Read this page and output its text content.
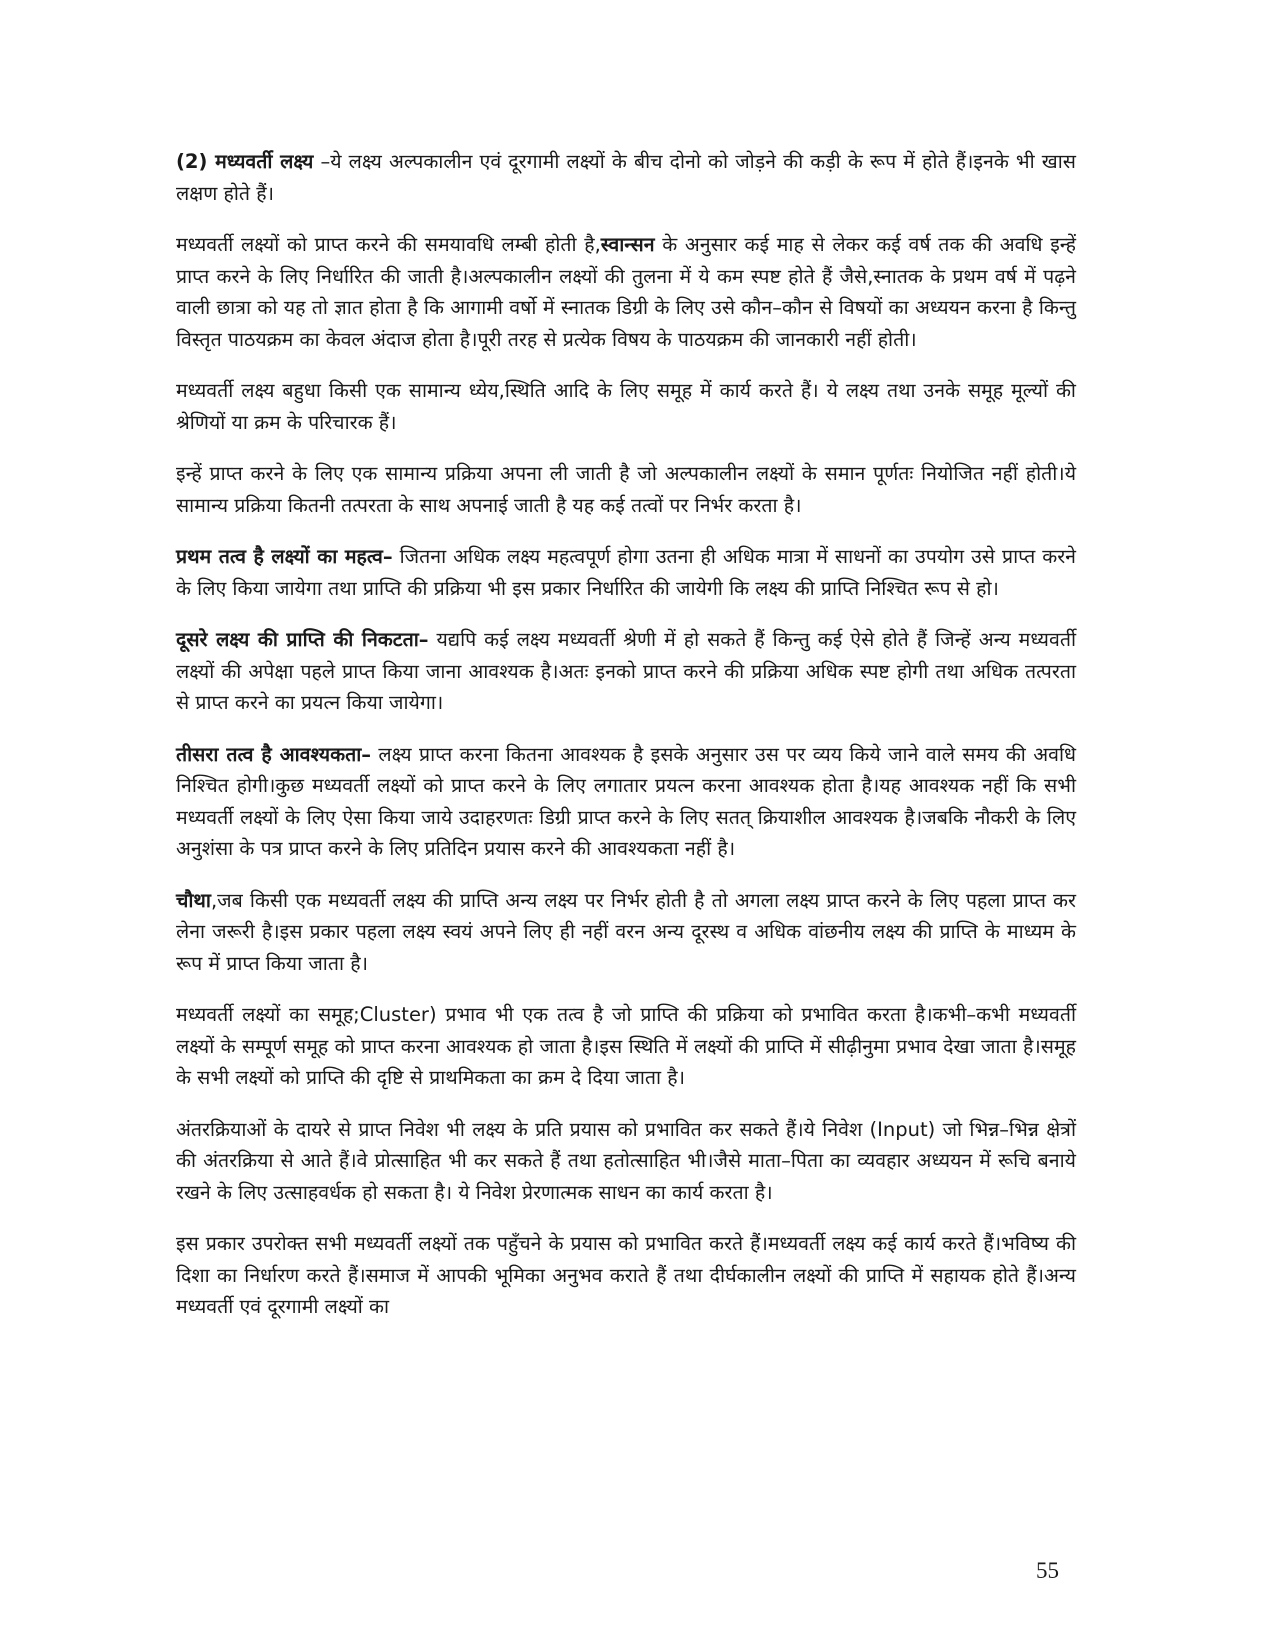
(2) मध्यवर्ती लक्ष्य –ये लक्ष्य अल्पकालीन एवं दूरगामी लक्ष्यों के बीच दोनो को जोड़ने की कड़ी के रूप में होते हैं।इनके भी खास लक्षण होते हैं।

मध्यवर्ती लक्ष्यों को प्राप्त करने की समयावधि लम्बी होती है,स्वान्सन के अनुसार कई माह से लेकर कई वर्ष तक की अवधि इन्हें प्राप्त करने के लिए निर्धारित की जाती है।अल्पकालीन लक्ष्यों की तुलना में ये कम स्पष्ट होते हैं जैसे,स्नातक के प्रथम वर्ष में पढ़ने वाली छात्रा को यह तो ज्ञात होता है कि आगामी वर्षो में स्नातक डिग्री के लिए उसे कौन–कौन से विषयों का अध्ययन करना है किन्तु विस्तृत पाठयक्रम का केवल अंदाज होता है।पूरी तरह से प्रत्येक विषय के पाठयक्रम की जानकारी नहीं होती।

मध्यवर्ती लक्ष्य बहुधा किसी एक सामान्य ध्येय,स्थिति आदि के लिए समूह में कार्य करते हैं। ये लक्ष्य तथा उनके समूह मूल्यों की श्रेणियों या क्रम के परिचारक हैं।

इन्हें प्राप्त करने के लिए एक सामान्य प्रक्रिया अपना ली जाती है जो अल्पकालीन लक्ष्यों के समान पूर्णतः नियोजित नहीं होती।ये सामान्य प्रक्रिया कितनी तत्परता के साथ अपनाई जाती है यह कई तत्वों पर निर्भर करता है।

प्रथम तत्व है लक्ष्यों का महत्व– जितना अधिक लक्ष्य महत्वपूर्ण होगा उतना ही अधिक मात्रा में साधनों का उपयोग उसे प्राप्त करने के लिए किया जायेगा तथा प्राप्ति की प्रक्रिया भी इस प्रकार निर्धारित की जायेगी कि लक्ष्य की प्राप्ति निश्चित रूप से हो।

दूसरे लक्ष्य की प्राप्ति की निकटता– यद्यपि कई लक्ष्य मध्यवर्ती श्रेणी में हो सकते हैं किन्तु कई ऐसे होते हैं जिन्हें अन्य मध्यवर्ती लक्ष्यों की अपेक्षा पहले प्राप्त किया जाना आवश्यक है।अतः इनको प्राप्त करने की प्रक्रिया अधिक स्पष्ट होगी तथा अधिक तत्परता से प्राप्त करने का प्रयत्न किया जायेगा।

तीसरा तत्व है आवश्यकता– लक्ष्य प्राप्त करना कितना आवश्यक है इसके अनुसार उस पर व्यय किये जाने वाले समय की अवधि निश्चित होगी।कुछ मध्यवर्ती लक्ष्यों को प्राप्त करने के लिए लगातार प्रयत्न करना आवश्यक होता है।यह आवश्यक नहीं कि सभी मध्यवर्ती लक्ष्यों के लिए ऐसा किया जाये उदाहरणतः डिग्री प्राप्त करने के लिए सतत् क्रियाशील आवश्यक है।जबकि नौकरी के लिए अनुशंसा के पत्र प्राप्त करने के लिए प्रतिदिन प्रयास करने की आवश्यकता नहीं है।

चौथा,जब किसी एक मध्यवर्ती लक्ष्य की प्राप्ति अन्य लक्ष्य पर निर्भर होती है तो अगला लक्ष्य प्राप्त करने के लिए पहला प्राप्त कर लेना जरूरी है।इस प्रकार पहला लक्ष्य स्वयं अपने लिए ही नहीं वरन अन्य दूरस्थ व अधिक वांछनीय लक्ष्य की प्राप्ति के माध्यम के रूप में प्राप्त किया जाता है।

मध्यवर्ती लक्ष्यों का समूह;Cluster) प्रभाव भी एक तत्व है जो प्राप्ति की प्रक्रिया को प्रभावित करता है।कभी–कभी मध्यवर्ती लक्ष्यों के सम्पूर्ण समूह को प्राप्त करना आवश्यक हो जाता है।इस स्थिति में लक्ष्यों की प्राप्ति में सीढ़ीनुमा प्रभाव देखा जाता है।समूह के सभी लक्ष्यों को प्राप्ति की दृष्टि से प्राथमिकता का क्रम दे दिया जाता है।

अंतरक्रियाओं के दायरे से प्राप्त निवेश भी लक्ष्य के प्रति प्रयास को प्रभावित कर सकते हैं।ये निवेश (Input) जो भिन्न–भिन्न क्षेत्रों की अंतरक्रिया से आते हैं।वे प्रोत्साहित भी कर सकते हैं तथा हतोत्साहित भी।जैसे माता–पिता का व्यवहार अध्ययन में रूचि बनाये रखने के लिए उत्साहवर्धक हो सकता है। ये निवेश प्रेरणात्मक साधन का कार्य करता है।

इस प्रकार उपरोक्त सभी मध्यवर्ती लक्ष्यों तक पहुँचने के प्रयास को प्रभावित करते हैं।मध्यवर्ती लक्ष्य कई कार्य करते हैं।भविष्य की दिशा का निर्धारण करते हैं।समाज में आपकी भूमिका अनुभव कराते हैं तथा दीर्घकालीन लक्ष्यों की प्राप्ति में सहायक होते हैं।अन्य मध्यवर्ती एवं दूरगामी लक्ष्यों का

55
